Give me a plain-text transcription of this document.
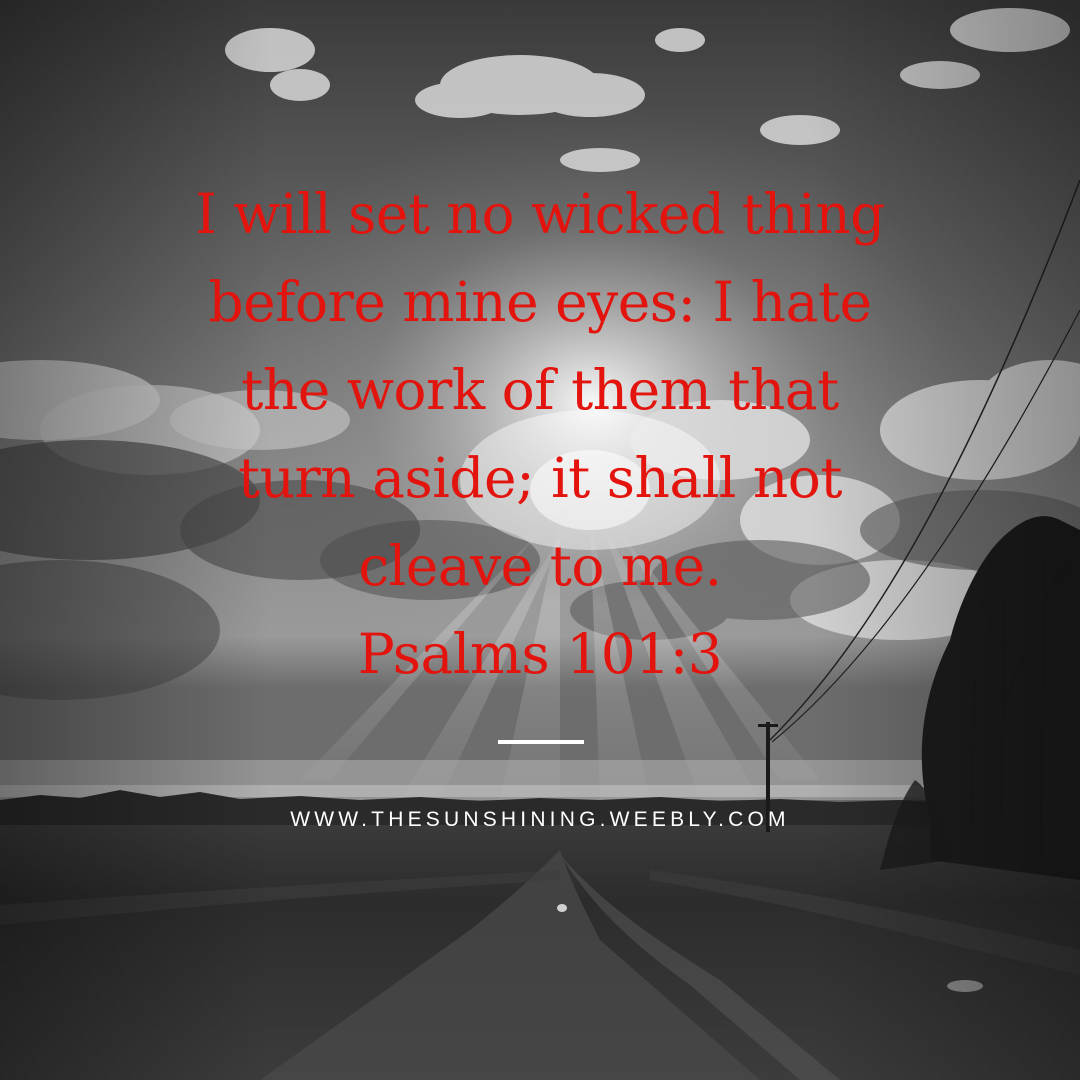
I will set no wicked thing
before mine eyes: I hate
the work of them that
turn aside; it shall not
cleave to me.
Psalms 101:3

WWW.THESUNSHINING.WEEBLY.COM
